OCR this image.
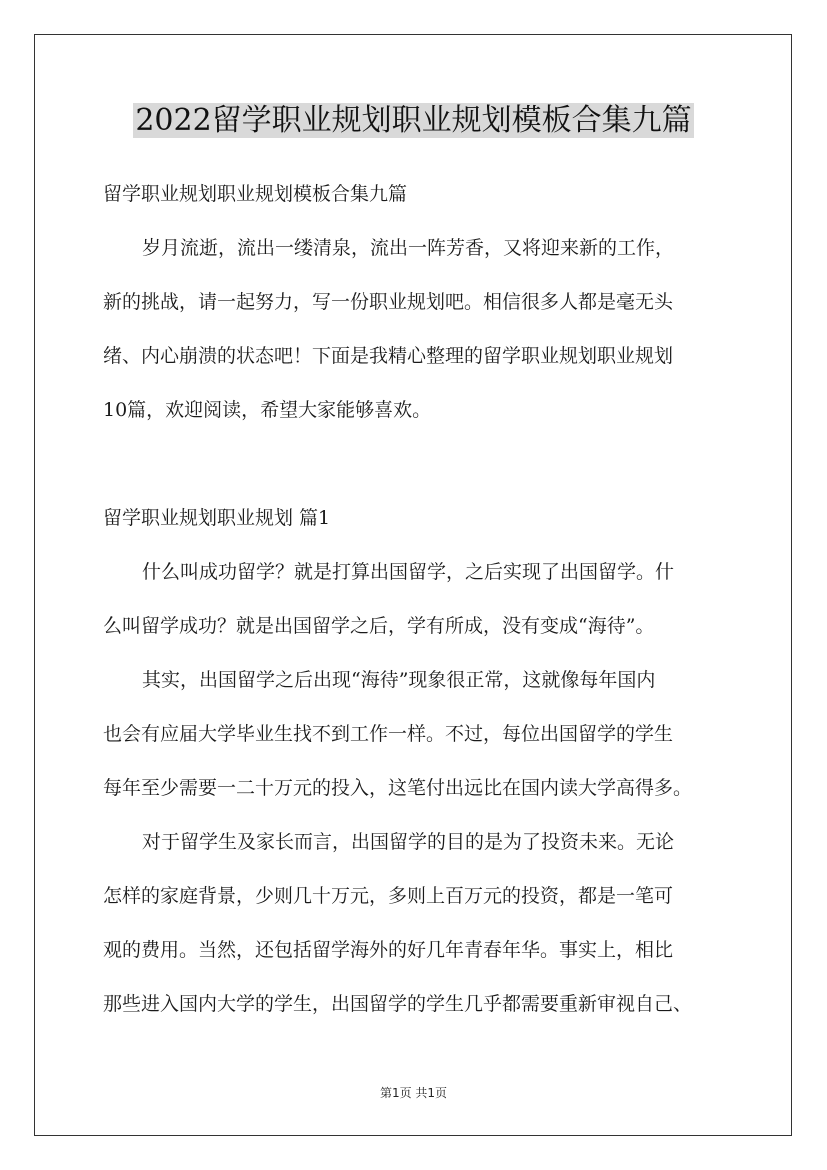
2022留学职业规划职业规划模板合集九篇

留学职业规划职业规划模板合集九篇

岁月流逝，流出一缕清泉，流出一阵芳香，又将迎来新的工作，

新的挑战，请一起努力，写一份职业规划吧。相信很多人都是毫无头

绪、内心崩溃的状态吧！下面是我精心整理的留学职业规划职业规划

10篇，欢迎阅读，希望大家能够喜欢。

留学职业规划职业规划 篇1

什么叫成功留学？就是打算出国留学，之后实现了出国留学。什

么叫留学成功？就是出国留学之后，学有所成，没有变成“海待”。

其实，出国留学之后出现“海待”现象很正常，这就像每年国内

也会有应届大学毕业生找不到工作一样。不过，每位出国留学的学生

每年至少需要一二十万元的投入，这笔付出远比在国内读大学高得多。

对于留学生及家长而言，出国留学的目的是为了投资未来。无论

怎样的家庭背景，少则几十万元，多则上百万元的投资，都是一笔可

观的费用。当然，还包括留学海外的好几年青春年华。事实上，相比

那些进入国内大学的学生，出国留学的学生几乎都需要重新审视自己、

第1页 共1页
